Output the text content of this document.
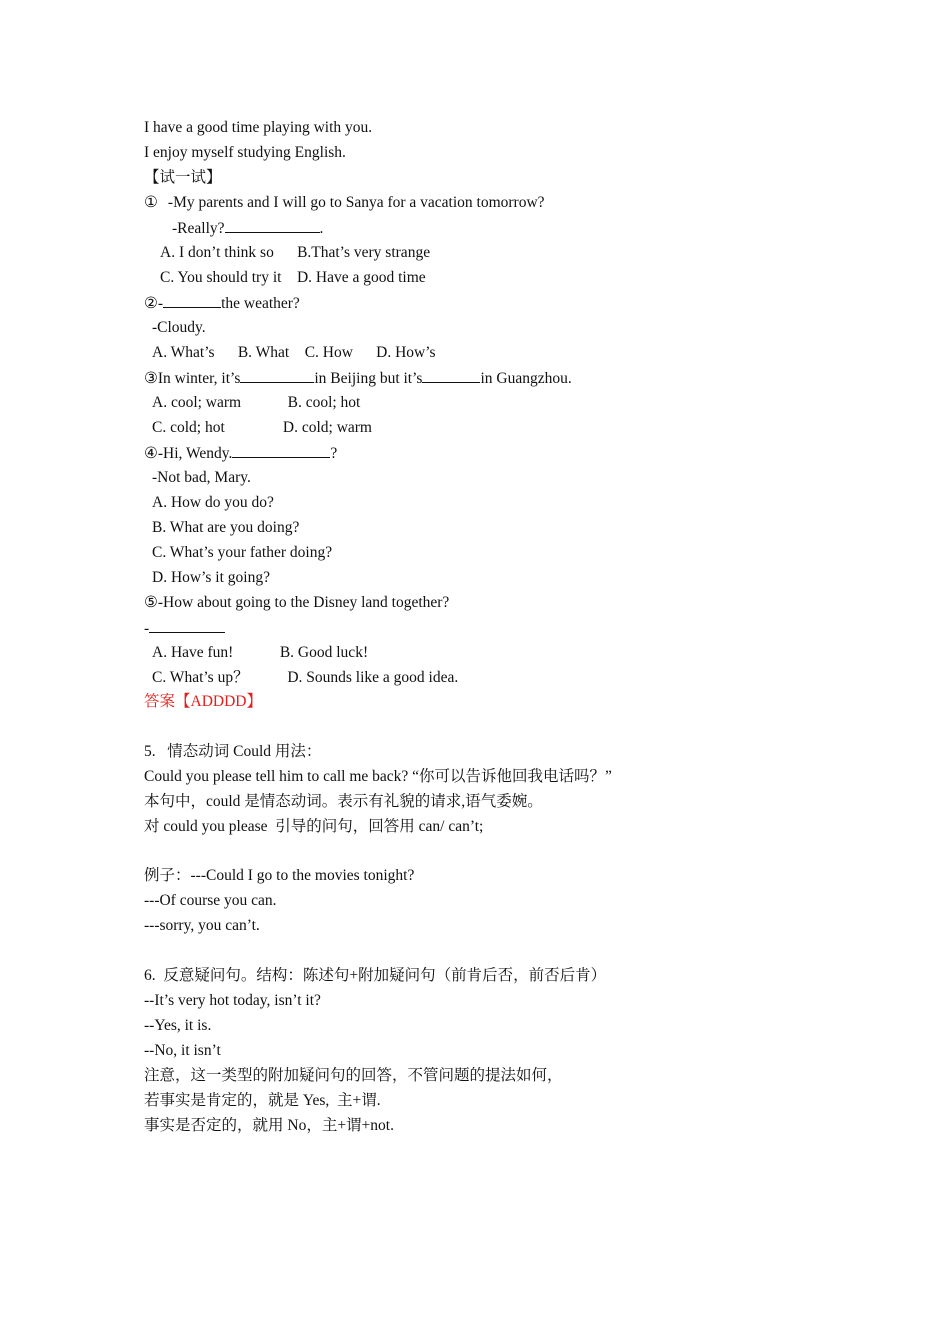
I have a good time playing with you.
I enjoy myself studying English.
【试一试】
① -My parents and I will go to Sanya for a vacation tomorrow?
-Really?	.
A. I don’t think so      B.That’s very strange
C. You should try it    D. Have a good time
②-	the weather?
-Cloudy.
A. What’s      B. What    C. How      D. How’s
③In winter, it’s	in Beijing but it’s	in Guangzhou.
A. cool; warm            B. cool; hot
C. cold; hot               D. cold; warm
④-Hi, Wendy.	?
-Not bad, Mary.
A. How do you do?
B. What are you doing?
C. What’s your father doing?
D. How’s it going?
⑤-How about going to the Disney land together?
-
A. Have fun!            B. Good luck!
C. What’s up？          D. Sounds like a good idea.
答案【ADDDD】
5.   情态动词 Could 用法：
Could you please tell him to call me back? “你可以告诉他回我电话吗？”
本句中，could 是情态动词。表示有礼貌的请求,语气委婉。
对 could you please  引导的问句，回答用 can/ can’t;
例子：---Could I go to the movies tonight?
---Of course you can.
---sorry, you can’t.
6.  反意疑问句。结构：陈述句+附加疑问句（前肯后否，前否后肯）
--It’s very hot today, isn’t it?
--Yes, it is.
--No, it isn’t
注意，这一类型的附加疑问句的回答，不管问题的提法如何，
若事实是肯定的，就是 Yes,  主+谓.
事实是否定的，就用 No，主+谓+not.
